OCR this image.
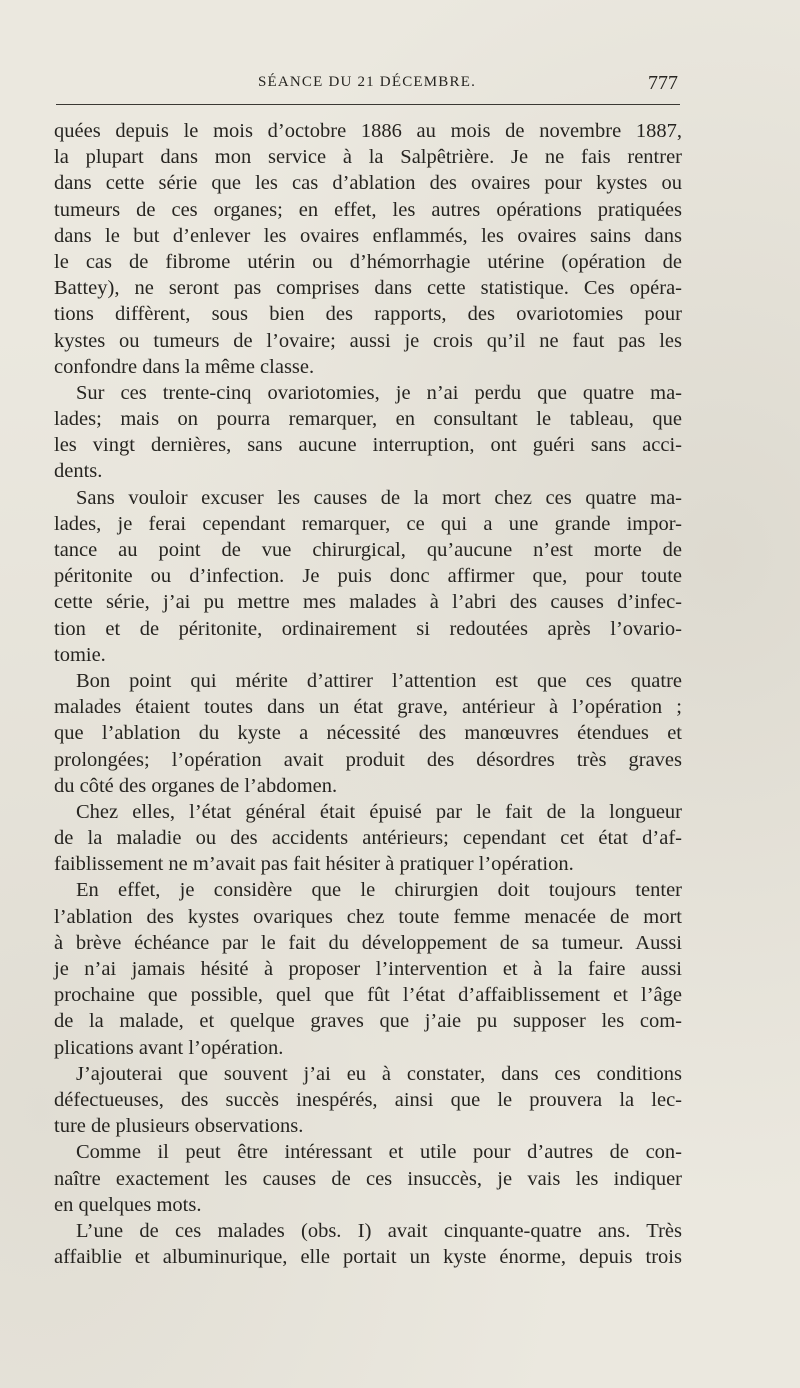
SÉANCE DU 21 DÉCEMBRE.	777
quées depuis le mois d’octobre 1886 au mois de novembre 1887,
la plupart dans mon service à la Salpêtrière. Je ne fais rentrer
dans cette série que les cas d’ablation des ovaires pour kystes ou
tumeurs de ces organes; en effet, les autres opérations pratiquées
dans le but d’enlever les ovaires enflammés, les ovaires sains dans
le cas de fibrome utérin ou d’hémorrhagie utérine (opération de
Battey), ne seront pas comprises dans cette statistique. Ces opéra-
tions diffèrent, sous bien des rapports, des ovariotomies pour
kystes ou tumeurs de l’ovaire; aussi je crois qu’il ne faut pas les
confondre dans la même classe.
Sur ces trente-cinq ovariotomies, je n’ai perdu que quatre ma-
lades; mais on pourra remarquer, en consultant le tableau, que
les vingt dernières, sans aucune interruption, ont guéri sans acci-
dents.
Sans vouloir excuser les causes de la mort chez ces quatre ma-
lades, je ferai cependant remarquer, ce qui a une grande impor-
tance au point de vue chirurgical, qu’aucune n’est morte de
péritonite ou d’infection. Je puis donc affirmer que, pour toute
cette série, j’ai pu mettre mes malades à l’abri des causes d’infec-
tion et de péritonite, ordinairement si redoutées après l’ovario-
tomie.
Bon point qui mérite d’attirer l’attention est que ces quatre
malades étaient toutes dans un état grave, antérieur à l’opération ;
que l’ablation du kyste a nécessité des manœuvres étendues et
prolongées; l’opération avait produit des désordres très graves
du côté des organes de l’abdomen.
Chez elles, l’état général était épuisé par le fait de la longueur
de la maladie ou des accidents antérieurs; cependant cet état d’af-
faiblissement ne m’avait pas fait hésiter à pratiquer l’opération.
En effet, je considère que le chirurgien doit toujours tenter
l’ablation des kystes ovariques chez toute femme menacée de mort
à brève échéance par le fait du développement de sa tumeur. Aussi
je n’ai jamais hésité à proposer l’intervention et à la faire aussi
prochaine que possible, quel que fût l’état d’affaiblissement et l’âge
de la malade, et quelque graves que j’aie pu supposer les com-
plications avant l’opération.
J’ajouterai que souvent j’ai eu à constater, dans ces conditions
défectueuses, des succès inespérés, ainsi que le prouvera la lec-
ture de plusieurs observations.
Comme il peut être intéressant et utile pour d’autres de con-
naître exactement les causes de ces insuccès, je vais les indiquer
en quelques mots.
L’une de ces malades (obs. I) avait cinquante-quatre ans. Très
affaiblie et albuminurique, elle portait un kyste énorme, depuis trois
